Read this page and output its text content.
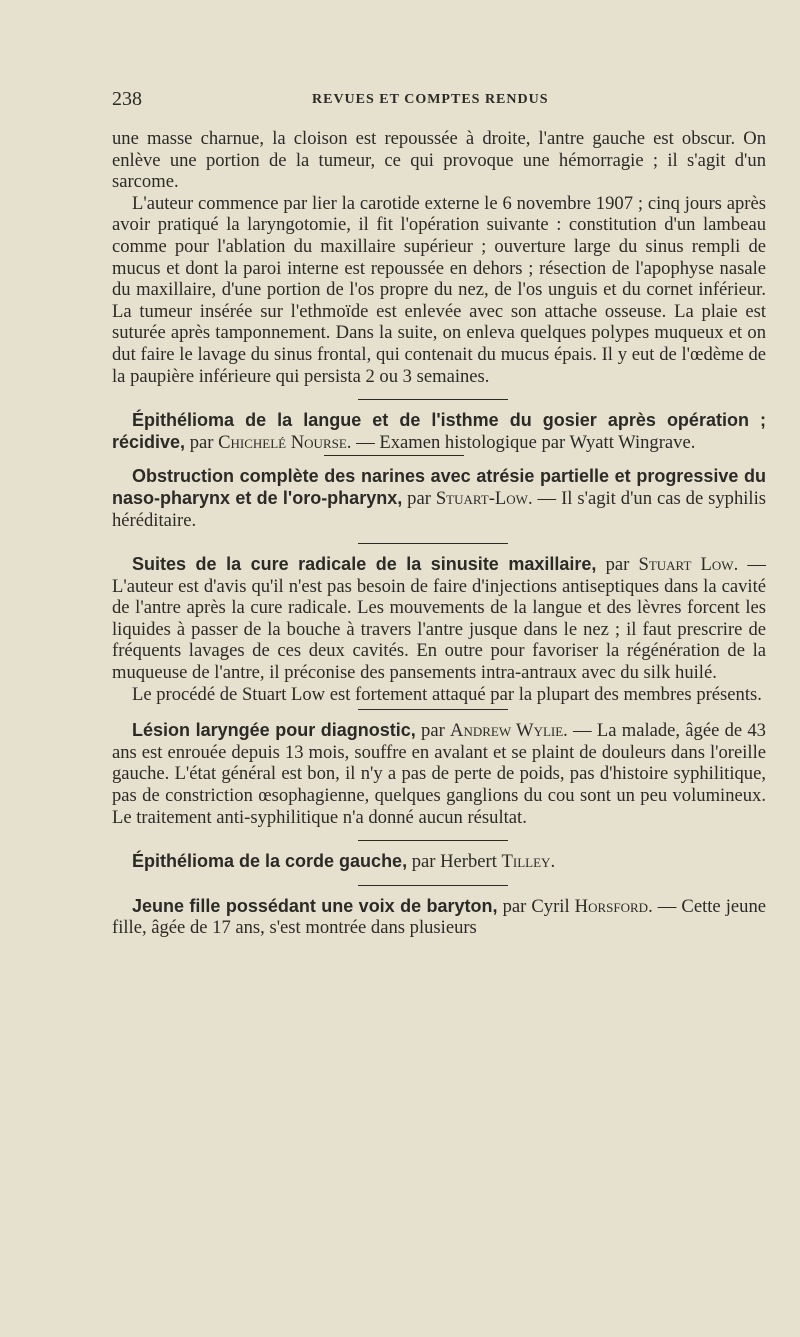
238	REVUES ET COMPTES RENDUS

une masse charnue, la cloison est repoussée à droite, l'antre gauche est obscur. On enlève une portion de la tumeur, ce qui provoque une hémorragie ; il s'agit d'un sarcome.

L'auteur commence par lier la carotide externe le 6 novembre 1907 ; cinq jours après avoir pratiqué la laryngotomie, il fit l'opération suivante : constitution d'un lambeau comme pour l'ablation du maxillaire supérieur ; ouverture large du sinus rempli de mucus et dont la paroi interne est repoussée en dehors ; résection de l'apophyse nasale du maxillaire, d'une portion de l'os propre du nez, de l'os unguis et du cornet inférieur. La tumeur insérée sur l'ethmoïde est enlevée avec son attache osseuse. La plaie est suturée après tamponnement. Dans la suite, on enleva quelques polypes muqueux et on dut faire le lavage du sinus frontal, qui contenait du mucus épais. Il y eut de l'œdème de la paupière inférieure qui persista 2 ou 3 semaines.

Épithélioma de la langue et de l'isthme du gosier après opération ; récidive, par Chichelé Nourse. — Examen histologique par Wyatt Wingrave.

Obstruction complète des narines avec atrésie partielle et progressive du naso-pharynx et de l'oro-pharynx, par Stuart-Low. — Il s'agit d'un cas de syphilis héréditaire.

Suites de la cure radicale de la sinusite maxillaire, par Stuart Low. — L'auteur est d'avis qu'il n'est pas besoin de faire d'injections antiseptiques dans la cavité de l'antre après la cure radicale. Les mouvements de la langue et des lèvres forcent les liquides à passer de la bouche à travers l'antre jusque dans le nez ; il faut prescrire de fréquents lavages de ces deux cavités. En outre pour favoriser la régénération de la muqueuse de l'antre, il préconise des pansements intra-antraux avec du silk huilé.

Le procédé de Stuart Low est fortement attaqué par la plupart des membres présents.

Lésion laryngée pour diagnostic, par Andrew Wylie. — La malade, âgée de 43 ans est enrouée depuis 13 mois, souffre en avalant et se plaint de douleurs dans l'oreille gauche. L'état général est bon, il n'y a pas de perte de poids, pas d'histoire syphilitique, pas de constriction œsophagienne, quelques ganglions du cou sont un peu volumineux. Le traitement anti-syphilitique n'a donné aucun résultat.

Épithélioma de la corde gauche, par Herbert Tilley.

Jeune fille possédant une voix de baryton, par Cyril Horsford. — Cette jeune fille, âgée de 17 ans, s'est montrée dans plusieurs
